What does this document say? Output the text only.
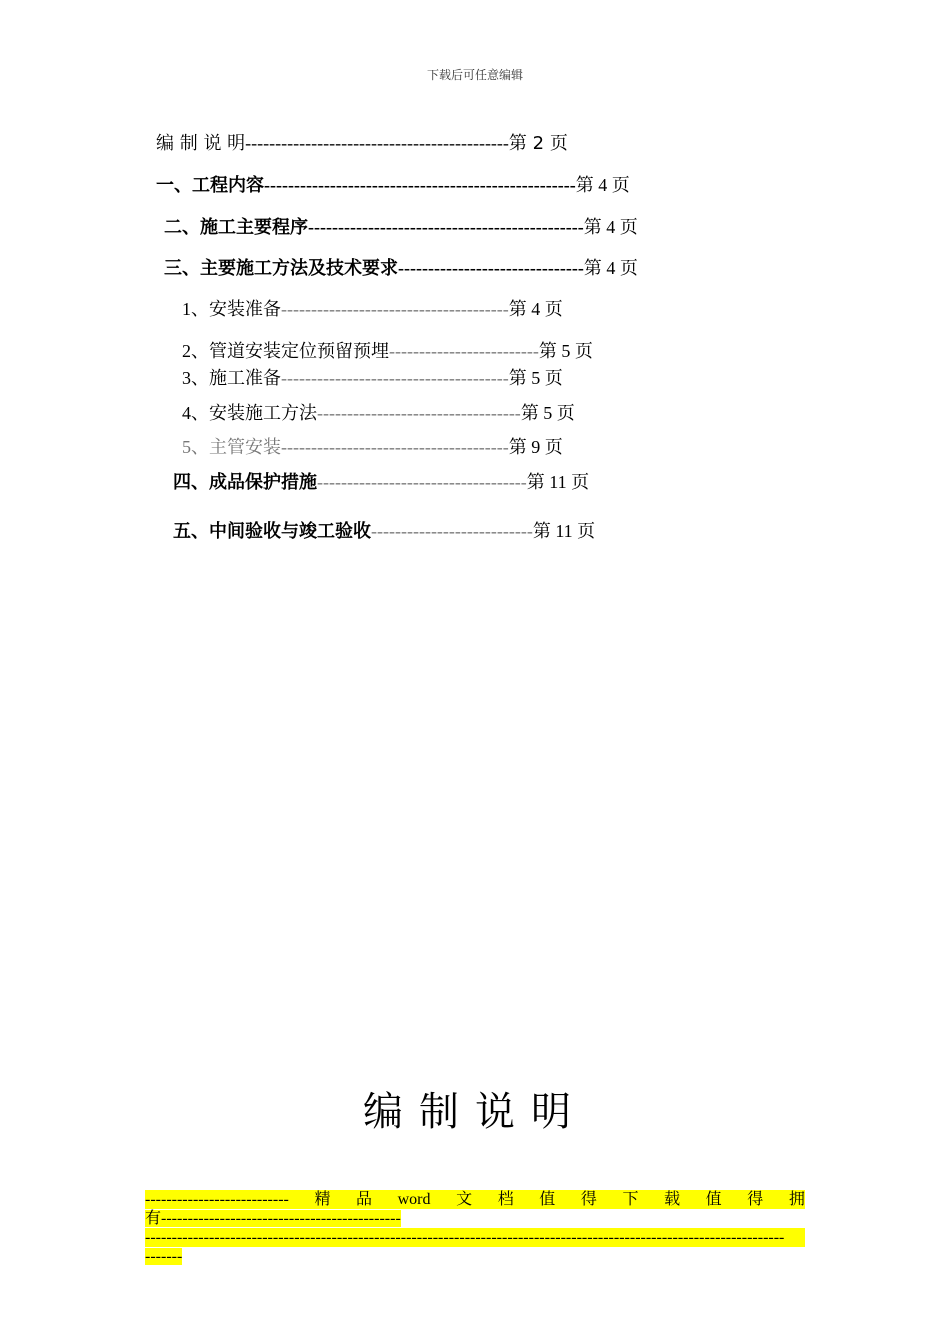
下载后可任意编辑
编 制 说 明--------------------------------------------第 2 页
一、工程内容----------------------------------------------------第 4 页
二、施工主要程序----------------------------------------------第 4 页
三、主要施工方法及技术要求-------------------------------第 4 页
1、安装准备--------------------------------------第 4 页
2、管道安装定位预留预埋-------------------------第 5 页
3、施工准备--------------------------------------第 5 页
4、安装施工方法----------------------------------第 5 页
5、主管安装--------------------------------------第 9 页
四、成品保护措施-----------------------------------第 11 页
五、中间验收与竣工验收---------------------------第 11 页
编制说明
--------------------------- 精 品 word 文 档 值 得 下 载 值 得 拥
有---------------------------------------------
------------------------------------------------------------------------------------------------------------------------
-------
